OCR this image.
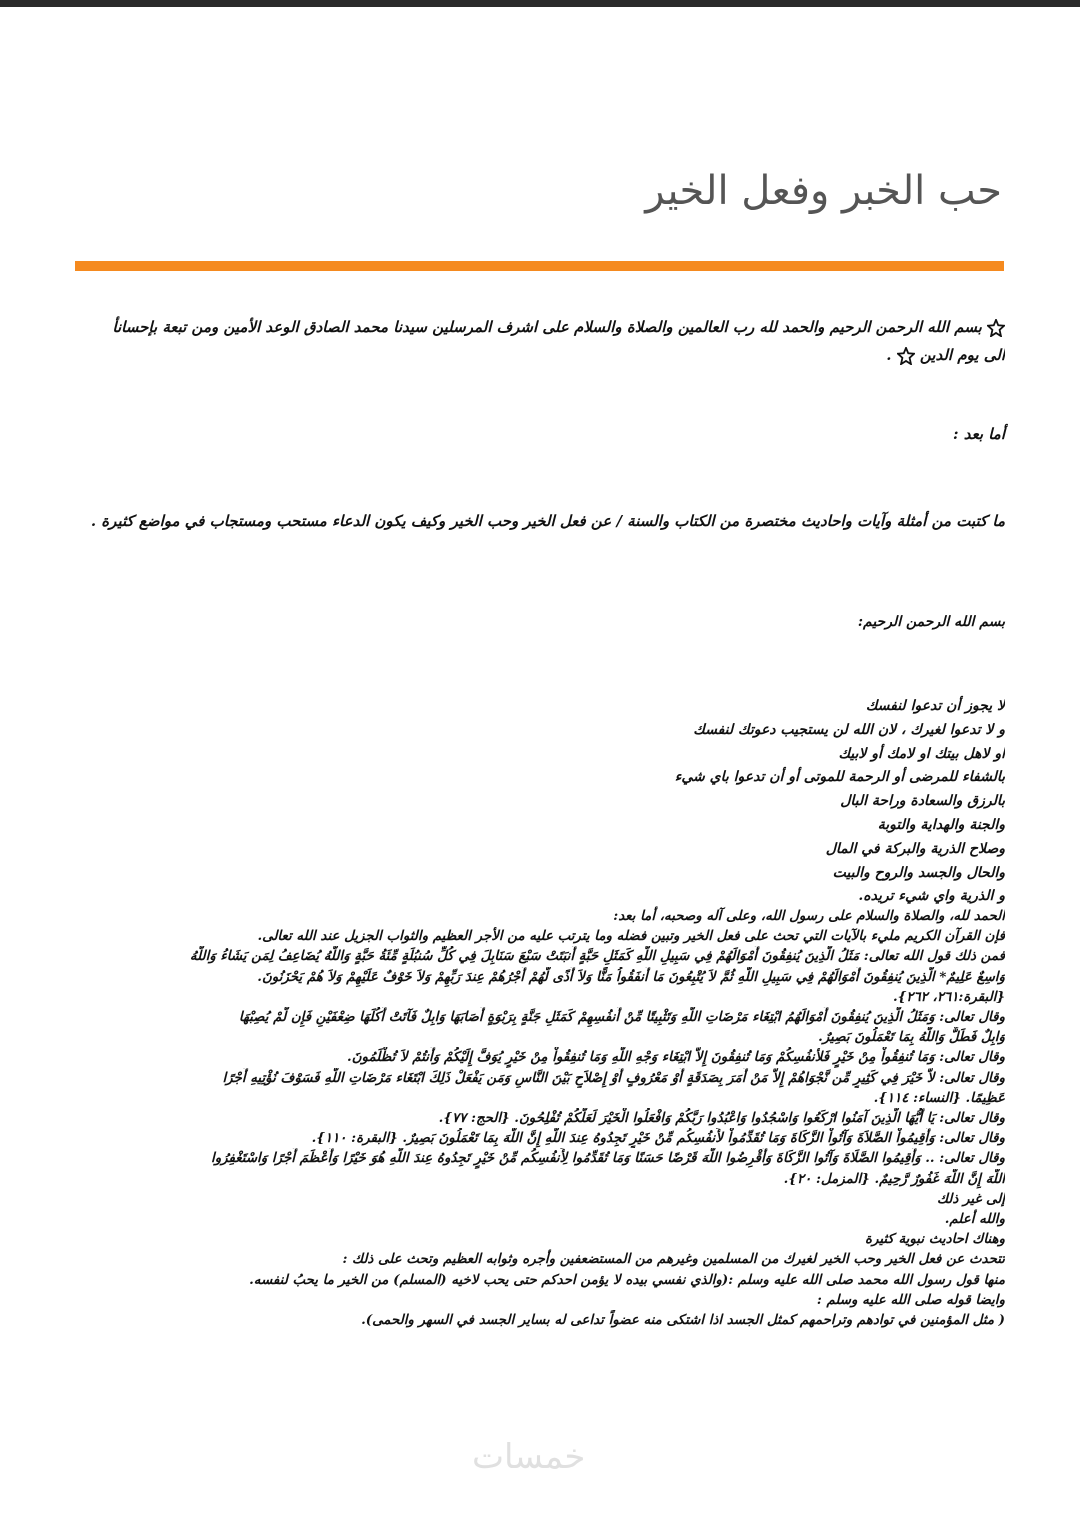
حب الخبر وفعل الخير
بسم الله الرحمن الرحيم والحمد لله رب العالمين والصلاة والسلام على اشرف المرسلين سيدنا محمد الصادق الوعد الأمين ومن تبعة بإحسانأ
الى يوم الدين  .
أما بعد :
ما كتبت من أمثلة وآيات واحاديث مختصرة من الكتاب والسنة / عن فعل الخير وحب الخير وكيف يكون الدعاء مستحب ومستجاب في مواضع كثيرة .
بسم الله الرحمن الرحيم:
لا يجوز أن تدعوا لنفسك
و لا تدعوا لغيرك ، لان الله لن يستجيب دعوتك لنفسك
او لاهل بيتك او لامك أو لابيك
بالشفاء للمرضى أو الرحمة للموتى أو أن تدعوا باي شيء
بالرزق والسعادة وراحة البال
والجنة والهداية والتوبة
وصلاح الذرية والبركة في المال
والحال والجسد والروح والبيت
و الذرية واي شيء تريده.
الحمد لله، والصلاة والسلام على رسول الله، وعلى آله وصحبه، أما بعد:
فإن القرآن الكريم مليء بالآيات التي تحث على فعل الخير وتبين فضله وما يترتب عليه من الأجر العظيم والثواب الجزيل عند الله تعالى.
فمن ذلك قول الله تعالى: مَثَلُ الَّذِينَ يُنفِقُونَ أَمْوَالَهُمْ فِي سَبِيلِ اللَّهِ كَمَثَلِ حَبَّةٍ أَنبَتَتْ سَبْعَ سَنَابِلَ فِي كُلِّ سُنبُلَةٍ مِّئَةُ حَبَّةٍ وَاللَّهُ يُضَاعِفُ لِمَن يَشَاءُ وَاللَّهُ
وَاسِعٌ عَلِيمٌ* الَّذِينَ يُنفِقُونَ أَمْوَالَهُمْ فِي سَبِيلِ اللَّهِ ثُمَّ لاَ يُتْبِعُونَ مَا أَنفَقُواُ مَنًّا وَلاَ أَذًى لَّهُمْ أَجْرُهُمْ عِندَ رَبِّهِمْ وَلاَ خَوْفٌ عَلَيْهِمْ وَلاَ هُمْ يَحْزَنُونَ.
{البقرة:٢٦١، ٢٦٢}.
وقال تعالى: وَمَثَلُ الَّذِينَ يُنفِقُونَ أَمْوَالَهُمُ ابْتِغَاء مَرْضَاتِ اللَّهِ وَتَثْبِيتًا مِّنْ أَنفُسِهِمْ كَمَثَلِ جَنَّةٍ بِرَبْوَةٍ أَصَابَهَا وَابِلٌ فَآتَتْ أُكُلَهَا ضِعْفَيْنِ فَإِن لَّمْ يُصِبْهَا
وَابِلٌ فَطَلٌّ وَاللَّهُ بِمَا تَعْمَلُونَ بَصِيرٌ.
وقال تعالى: وَمَا تُنفِقُواْ مِنْ خَيْرٍ فَلأنفُسِكُمْ وَمَا تُنفِقُونَ إِلاَّ ابْتِغَاء وَجْهِ اللَّهِ وَمَا تُنفِقُواْ مِنْ خَيْرٍ يُوَفَّ إِلَيْكُمْ وَأَنتُمْ لاَ تُظْلَمُونَ.
وقال تعالى: لاَّ خَيْرَ فِي كَثِيرٍ مِّن نَّجْوَاهُمْ إِلاَّ مَنْ أَمَرَ بِصَدَقَةٍ أَوْ مَعْرُوفٍ أَوْ إِصْلاَحٍ بَيْنَ النَّاسِ وَمَن يَفْعَلْ ذَلِكَ ابْتَغَاء مَرْضَاتِ اللَّهِ فَسَوْفَ نُؤْتِيهِ أَجْرًا
عَظِيمًا. {النساء: ١١٤}.
وقال تعالى: يَا أَيُّهَا الَّذِينَ آمَنُوا ارْكَعُوا وَاسْجُدُوا وَاعْبُدُوا رَبَّكُمْ وَافْعَلُوا الْخَيْرَ لَعَلَّكُمْ تُفْلِحُونَ. {الحج: ٧٧}.
وقال تعالى: وَأَقِيمُواْ الصَّلاَةَ وَآتُواْ الزَّكَاةَ وَمَا تُقَدِّمُواْ لأَنفُسِكُم مِّنْ خَيْرٍ تَجِدُوهُ عِندَ اللَّهِ إِنَّ اللَّهَ بِمَا تَعْمَلُونَ بَصِيرٌ. {البقرة: ١١٠}.
وقال تعالى: .. وَأَقِيمُوا الصَّلَاةَ وَآتُوا الزَّكَاةَ وَأَقْرِضُوا اللَّهَ قَرْضًا حَسَنًا وَمَا تُقَدِّمُوا لِأَنفُسِكُم مِّنْ خَيْرٍ تَجِدُوهُ عِندَ اللَّهِ هُوَ خَيْرًا وَأَعْظَمَ أَجْرًا وَاسْتَغْفِرُوا
اللَّهَ إِنَّ اللَّهَ غَفُورٌ رَّحِيمٌ. {المزمل: ٢٠}.
إلى غير ذلك
والله أعلم.
وهناك احاديث نبوية كثيرة
تتحدث عن فعل الخير وحب الخير لغيرك من المسلمين وغيرهم من المستضعفين وأجره وثوابه العظيم وتحث على ذلك :
منها قول رسول الله محمد صلى الله عليه وسلم :(والذي نفسي بيده لا يؤمن احدكم حتى يحب لاخيه (المسلم) من الخير ما يحبُ لنفسه.
وايضا قوله صلى الله عليه وسلم :
( مثل المؤمنين في توادهم وتراحمهم كمثل الجسد اذا اشتكى منه عضواً تداعى له بساير الجسد في السهر والحمى).
خمسات
